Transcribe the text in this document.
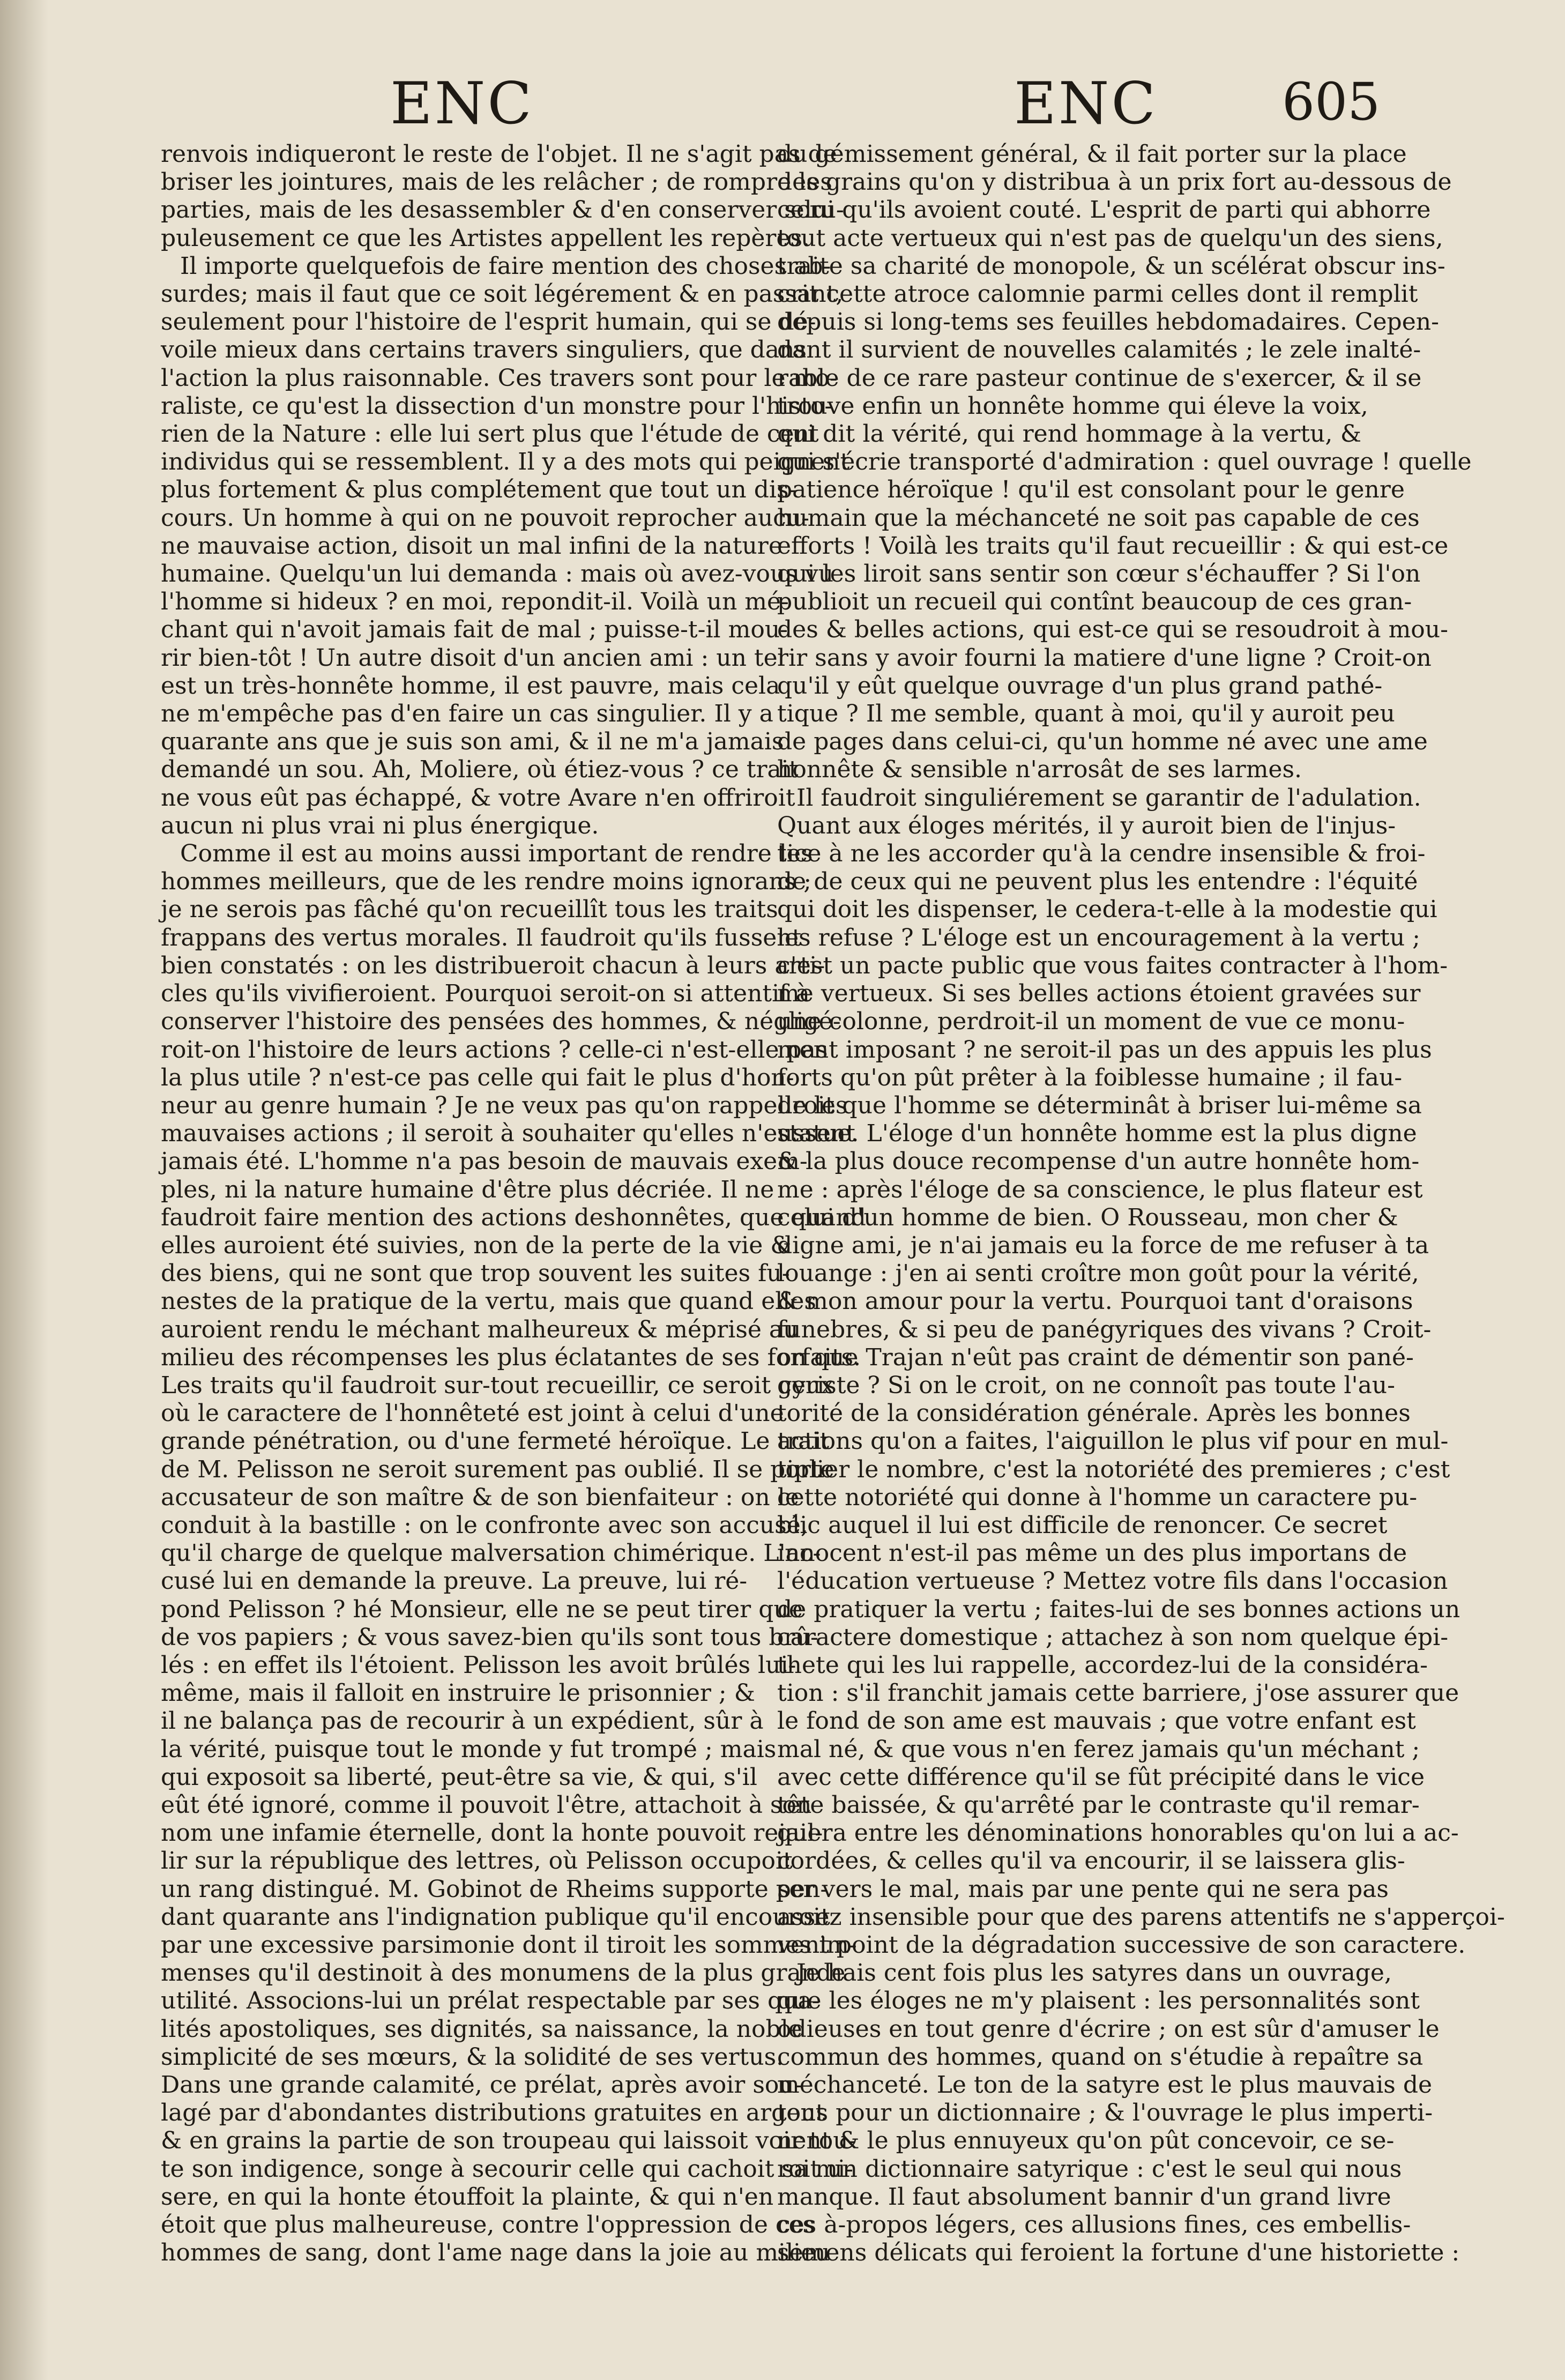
ENC	ENC 605

renvois indiqueront le reste de l'objet. Il ne s'agit pas de

briser les jointures, mais de les relâcher ; de rompre les

parties, mais de les desassembler & d'en conserver scru-

puleusement ce que les Artistes appellent les repères.

Il importe quelquefois de faire mention des choses ab-

surdes; mais il faut que ce soit légérement & en passant,

seulement pour l'histoire de l'esprit humain, qui se dé-

voile mieux dans certains travers singuliers, que dans

l'action la plus raisonnable. Ces travers sont pour le mo-

raliste, ce qu'est la dissection d'un monstre pour l'histo-

rien de la Nature : elle lui sert plus que l'étude de cent

individus qui se ressemblent. Il y a des mots qui peignent

plus fortement & plus complétement que tout un dis-

cours. Un homme à qui on ne pouvoit reprocher aucu-

ne mauvaise action, disoit un mal infini de la nature

humaine. Quelqu'un lui demanda : mais où avez-vous vu

l'homme si hideux ? en moi, repondit-il. Voilà un mé-

chant qui n'avoit jamais fait de mal ; puisse-t-il mou-

rir bien-tôt ! Un autre disoit d'un ancien ami : un tel

est un très-honnête homme, il est pauvre, mais cela

ne m'empêche pas d'en faire un cas singulier. Il y a

quarante ans que je suis son ami, & il ne m'a jamais

demandé un sou. Ah, Moliere, où étiez-vous ? ce trait

ne vous eût pas échappé, & votre Avare n'en offriroit

aucun ni plus vrai ni plus énergique.

Comme il est au moins aussi important de rendre les

hommes meilleurs, que de les rendre moins ignorans ;

je ne serois pas fâché qu'on recueillît tous les traits

frappans des vertus morales. Il faudroit qu'ils fussent

bien constatés : on les distribueroit chacun à leurs arti-

cles qu'ils vivifieroient. Pourquoi seroit-on si attentif à

conserver l'histoire des pensées des hommes, & négligé-

roit-on l'histoire de leurs actions ? celle-ci n'est-elle pas

la plus utile ? n'est-ce pas celle qui fait le plus d'hon-

neur au genre humain ? Je ne veux pas qu'on rappelle les

mauvaises actions ; il seroit à souhaiter qu'elles n'eussent

jamais été. L'homme n'a pas besoin de mauvais exem-

ples, ni la nature humaine d'être plus décriée. Il ne

faudroit faire mention des actions deshonnêtes, que quand

elles auroient été suivies, non de la perte de la vie &

des biens, qui ne sont que trop souvent les suites fu-

nestes de la pratique de la vertu, mais que quand elles

auroient rendu le méchant malheureux & méprisé au

milieu des récompenses les plus éclatantes de ses forfaits.

Les traits qu'il faudroit sur-tout recueillir, ce seroit ceux

où le caractere de l'honnêteté est joint à celui d'une

grande pénétration, ou d'une fermeté héroïque. Le trait

de M. Pelisson ne seroit surement pas oublié. Il se porte

accusateur de son maître & de son bienfaiteur : on le

conduit à la bastille : on le confronte avec son accusé,

qu'il charge de quelque malversation chimérique. L'ac-

cusé lui en demande la preuve. La preuve, lui ré-

pond Pelisson ? hé Monsieur, elle ne se peut tirer que

de vos papiers ; & vous savez-bien qu'ils sont tous brû-

lés : en effet ils l'étoient. Pelisson les avoit brûlés lui-

même, mais il falloit en instruire le prisonnier ; &

il ne balança pas de recourir à un expédient, sûr à

la vérité, puisque tout le monde y fut trompé ; mais

qui exposoit sa liberté, peut-être sa vie, & qui, s'il

eût été ignoré, comme il pouvoit l'être, attachoit à son

nom une infamie éternelle, dont la honte pouvoit rejail-

lir sur la république des lettres, où Pelisson occupoit

un rang distingué. M. Gobinot de Rheims supporte pen-

dant quarante ans l'indignation publique qu'il encouroit

par une excessive parsimonie dont il tiroit les sommes im-

menses qu'il destinoit à des monumens de la plus grande

utilité. Associons-lui un prélat respectable par ses qua-

lités apostoliques, ses dignités, sa naissance, la noble

simplicité de ses mœurs, & la solidité de ses vertus.

Dans une grande calamité, ce prélat, après avoir sou-

lagé par d'abondantes distributions gratuites en argent

& en grains la partie de son troupeau qui laissoit voir tou-

te son indigence, songe à secourir celle qui cachoit sa mi-

sere, en qui la honte étouffoit la plainte, & qui n'en

étoit que plus malheureuse, contre l'oppression de ces

hommes de sang, dont l'ame nage dans la joie au milieu

du gémissement général, & il fait porter sur la place

des grains qu'on y distribua à un prix fort au-dessous de

celui qu'ils avoient couté. L'esprit de parti qui abhorre

tout acte vertueux qui n'est pas de quelqu'un des siens,

traite sa charité de monopole, & un scélérat obscur ins-

crit cette atroce calomnie parmi celles dont il remplit

depuis si long-tems ses feuilles hebdomadaires. Cepen-

dant il survient de nouvelles calamités ; le zele inalté-

rable de ce rare pasteur continue de s'exercer, & il se

trouve enfin un honnête homme qui éleve la voix,

qui dit la vérité, qui rend hommage à la vertu, &

qui s'écrie transporté d'admiration : quel ouvrage ! quelle

patience héroïque ! qu'il est consolant pour le genre

humain que la méchanceté ne soit pas capable de ces

efforts ! Voilà les traits qu'il faut recueillir : & qui est-ce

qui les liroit sans sentir son cœur s'échauffer ? Si l'on

publioit un recueil qui contînt beaucoup de ces gran-

des & belles actions, qui est-ce qui se resoudroit à mou-

rir sans y avoir fourni la matiere d'une ligne ? Croit-on

qu'il y eût quelque ouvrage d'un plus grand pathé-

tique ? Il me semble, quant à moi, qu'il y auroit peu

de pages dans celui-ci, qu'un homme né avec une ame

honnête & sensible n'arrosât de ses larmes.

Il faudroit singuliérement se garantir de l'adulation.

Quant aux éloges mérités, il y auroit bien de l'injus-

tice à ne les accorder qu'à la cendre insensible & froi-

de de ceux qui ne peuvent plus les entendre : l'équité

qui doit les dispenser, le cedera-t-elle à la modestie qui

les refuse ? L'éloge est un encouragement à la vertu ;

c'est un pacte public que vous faites contracter à l'hom-

me vertueux. Si ses belles actions étoient gravées sur

une colonne, perdroit-il un moment de vue ce monu-

ment imposant ? ne seroit-il pas un des appuis les plus

forts qu'on pût prêter à la foiblesse humaine ; il fau-

droit que l'homme se déterminât à briser lui-même sa

statue. L'éloge d'un honnête homme est la plus digne

& la plus douce recompense d'un autre honnête hom-

me : après l'éloge de sa conscience, le plus flateur est

celui d'un homme de bien. O Rousseau, mon cher &

digne ami, je n'ai jamais eu la force de me refuser à ta

louange : j'en ai senti croître mon goût pour la vérité,

& mon amour pour la vertu. Pourquoi tant d'oraisons

funebres, & si peu de panégyriques des vivans ? Croit-

on que Trajan n'eût pas craint de démentir son pané-

gyriste ? Si on le croit, on ne connoît pas toute l'au-

torité de la considération générale. Après les bonnes

actions qu'on a faites, l'aiguillon le plus vif pour en mul-

tiplier le nombre, c'est la notoriété des premieres ; c'est

cette notoriété qui donne à l'homme un caractere pu-

blic auquel il lui est difficile de renoncer. Ce secret

innocent n'est-il pas même un des plus importans de

l'éducation vertueuse ? Mettez votre fils dans l'occasion

de pratiquer la vertu ; faites-lui de ses bonnes actions un

caractere domestique ; attachez à son nom quelque épi-

thete qui les lui rappelle, accordez-lui de la considéra-

tion : s'il franchit jamais cette barriere, j'ose assurer que

le fond de son ame est mauvais ; que votre enfant est

mal né, & que vous n'en ferez jamais qu'un méchant ;

avec cette différence qu'il se fût précipité dans le vice

tête baissée, & qu'arrêté par le contraste qu'il remar-

quera entre les dénominations honorables qu'on lui a ac-

cordées, & celles qu'il va encourir, il se laissera glis-

ser vers le mal, mais par une pente qui ne sera pas

assez insensible pour que des parens attentifs ne s'apperçoi-

vent point de la dégradation successive de son caractere.

Je hais cent fois plus les satyres dans un ouvrage,

que les éloges ne m'y plaisent : les personnalités sont

odieuses en tout genre d'écrire ; on est sûr d'amuser le

commun des hommes, quand on s'étudie à repaître sa

méchanceté. Le ton de la satyre est le plus mauvais de

tous pour un dictionnaire ; & l'ouvrage le plus imperti-

nent & le plus ennuyeux qu'on pût concevoir, ce se-

roit un dictionnaire satyrique : c'est le seul qui nous

manque. Il faut absolument bannir d'un grand livre

ces à-propos légers, ces allusions fines, ces embellis-

semens délicats qui feroient la fortune d'une historiette :
